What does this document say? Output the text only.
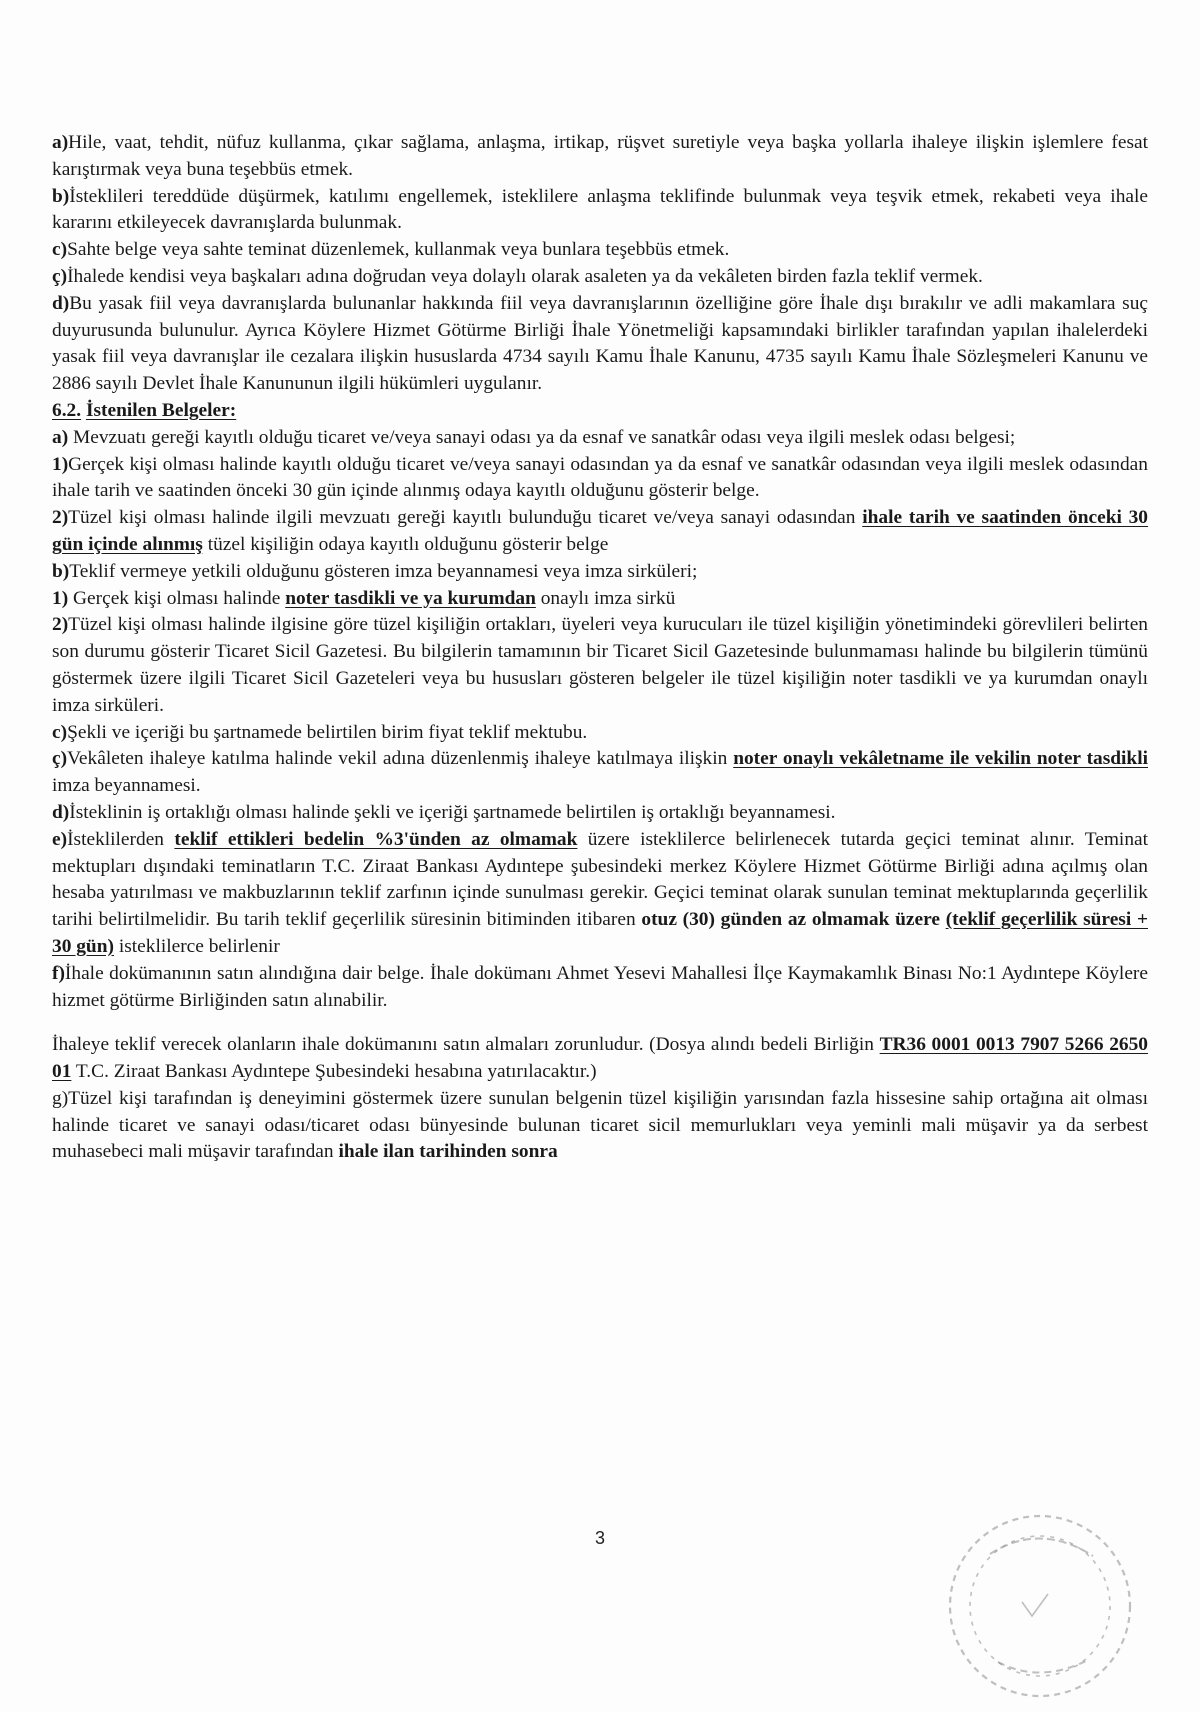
a)Hile, vaat, tehdit, nüfuz kullanma, çıkar sağlama, anlaşma, irtikap, rüşvet suretiyle veya başka yollarla ihaleye ilişkin işlemlere fesat karıştırmak veya buna teşebbüs etmek.

b)İsteklileri tereddüde düşürmek, katılımı engellemek, isteklilere anlaşma teklifinde bulunmak veya teşvik etmek, rekabeti veya ihale kararını etkileyecek davranışlarda bulunmak.

c)Sahte belge veya sahte teminat düzenlemek, kullanmak veya bunlara teşebbüs etmek.

ç)İhalede kendisi veya başkaları adına doğrudan veya dolaylı olarak asaleten ya da vekâleten birden fazla teklif vermek.

d)Bu yasak fiil veya davranışlarda bulunanlar hakkında fiil veya davranışlarının özelliğine göre İhale dışı bırakılır ve adli makamlara suç duyurusunda bulunulur. Ayrıca Köylere Hizmet Götürme Birliği İhale Yönetmeliği kapsamındaki birlikler tarafından yapılan ihalelerdeki yasak fiil veya davranışlar ile cezalara ilişkin hususlarda 4734 sayılı Kamu İhale Kanunu, 4735 sayılı Kamu İhale Sözleşmeleri Kanunu ve 2886 sayılı Devlet İhale Kanununun ilgili hükümleri uygulanır.

6.2. İstenilen Belgeler:

a) Mevzuatı gereği kayıtlı olduğu ticaret ve/veya sanayi odası ya da esnaf ve sanatkâr odası veya ilgili meslek odası belgesi;

1)Gerçek kişi olması halinde kayıtlı olduğu ticaret ve/veya sanayi odasından ya da esnaf ve sanatkâr odasından veya ilgili meslek odasından ihale tarih ve saatinden önceki 30 gün içinde alınmış odaya kayıtlı olduğunu gösterir belge.

2)Tüzel kişi olması halinde ilgili mevzuatı gereği kayıtlı bulunduğu ticaret ve/veya sanayi odasından ihale tarih ve saatinden önceki 30 gün içinde alınmış tüzel kişiliğin odaya kayıtlı olduğunu gösterir belge

b)Teklif vermeye yetkili olduğunu gösteren imza beyannamesi veya imza sirküleri;

1) Gerçek kişi olması halinde noter tasdikli ve ya kurumdan onaylı imza sirkü

2)Tüzel kişi olması halinde ilgisine göre tüzel kişiliğin ortakları, üyeleri veya kurucuları ile tüzel kişiliğin yönetimindeki görevlileri belirten son durumu gösterir Ticaret Sicil Gazetesi. Bu bilgilerin tamamının bir Ticaret Sicil Gazetesinde bulunmaması halinde bu bilgilerin tümünü göstermek üzere ilgili Ticaret Sicil Gazeteleri veya bu hususları gösteren belgeler ile tüzel kişiliğin noter tasdikli ve ya kurumdan onaylı imza sirküleri.

c)Şekli ve içeriği bu şartnamede belirtilen birim fiyat teklif mektubu.

ç)Vekâleten ihaleye katılma halinde vekil adına düzenlenmiş ihaleye katılmaya ilişkin noter onaylı vekâletname ile vekilin noter tasdikli imza beyannamesi.

d)İsteklinin iş ortaklığı olması halinde şekli ve içeriği şartnamede belirtilen iş ortaklığı beyannamesi.

e)İsteklilerden teklif ettikleri bedelin %3'ünden az olmamak üzere isteklilerce belirlenecek tutarda geçici teminat alınır. Teminat mektupları dışındaki teminatların T.C. Ziraat Bankası Aydıntepe şubesindeki merkez Köylere Hizmet Götürme Birliği adına açılmış olan hesaba yatırılması ve makbuzlarının teklif zarfının içinde sunulması gerekir. Geçici teminat olarak sunulan teminat mektuplarında geçerlilik tarihi belirtilmelidir. Bu tarih teklif geçerlilik süresinin bitiminden itibaren otuz (30) günden az olmamak üzere (teklif geçerlilik süresi + 30 gün) isteklilerce belirlenir

f)İhale dokümanının satın alındığına dair belge. İhale dokümanı Ahmet Yesevi Mahallesi İlçe Kaymakamlık Binası No:1 Aydıntepe Köylere hizmet götürme Birliğinden satın alınabilir.

İhaleye teklif verecek olanların ihale dokümanını satın almaları zorunludur. (Dosya alındı bedeli Birliğin TR36 0001 0013 7907 5266 2650 01 T.C. Ziraat Bankası Aydıntepe Şubesindeki hesabına yatırılacaktır.)

g)Tüzel kişi tarafından iş deneyimini göstermek üzere sunulan belgenin tüzel kişiliğin yarısından fazla hissesine sahip ortağına ait olması halinde ticaret ve sanayi odası/ticaret odası bünyesinde bulunan ticaret sicil memurlukları veya yeminli mali müşavir ya da serbest muhasebeci mali müşavir tarafından ihale ilan tarihinden sonra

3
